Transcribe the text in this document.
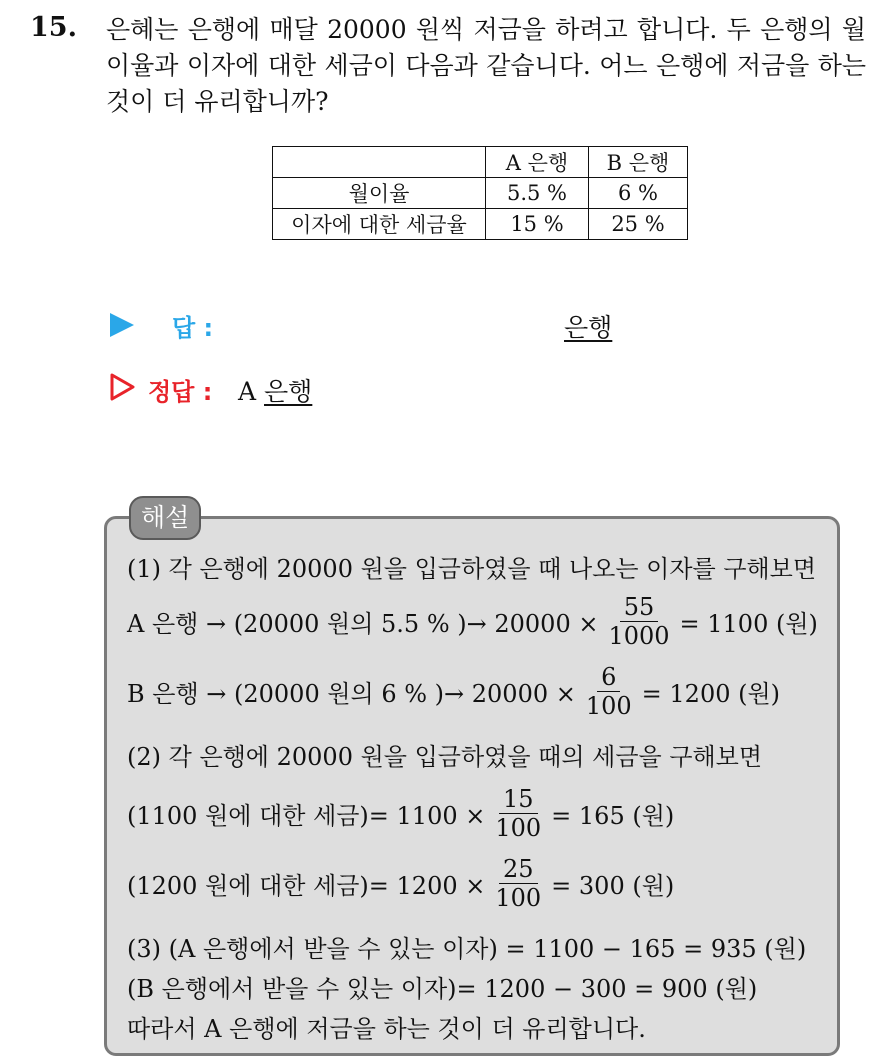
15. 은혜는 은행에 매달 20000 원씩 저금을 하려고 합니다. 두 은행의 월이율과 이자에 대한 세금이 다음과 같습니다. 어느 은행에 저금을 하는 것이 더 유리합니까?
	A 은행	B 은행
월이율	5.5 %	6 %
이자에 대한 세금율	15 %	25 %
답 :	은행
정답 : A 은행
해설
(1) 각 은행에 20000 원을 입금하였을 때 나오는 이자를 구해보면
A 은행 → (20000 원의 5.5 % )→ $20000 \times \frac{55}{1000} = 1100$ (원)
B 은행 → (20000 원의 6 % )→ $20000 \times \frac{6}{100} = 1200$ (원)
(2) 각 은행에 20000 원을 입금하였을 때의 세금을 구해보면
(1100 원에 대한 세금)= $1100 \times \frac{15}{100} = 165$ (원)
(1200 원에 대한 세금)= $1200 \times \frac{25}{100} = 300$ (원)
(3) (A 은행에서 받을 수 있는 이자) = 1100 − 165 = 935 (원)
(B 은행에서 받을 수 있는 이자)= 1200 − 300 = 900 (원)
따라서 A 은행에 저금을 하는 것이 더 유리합니다.
